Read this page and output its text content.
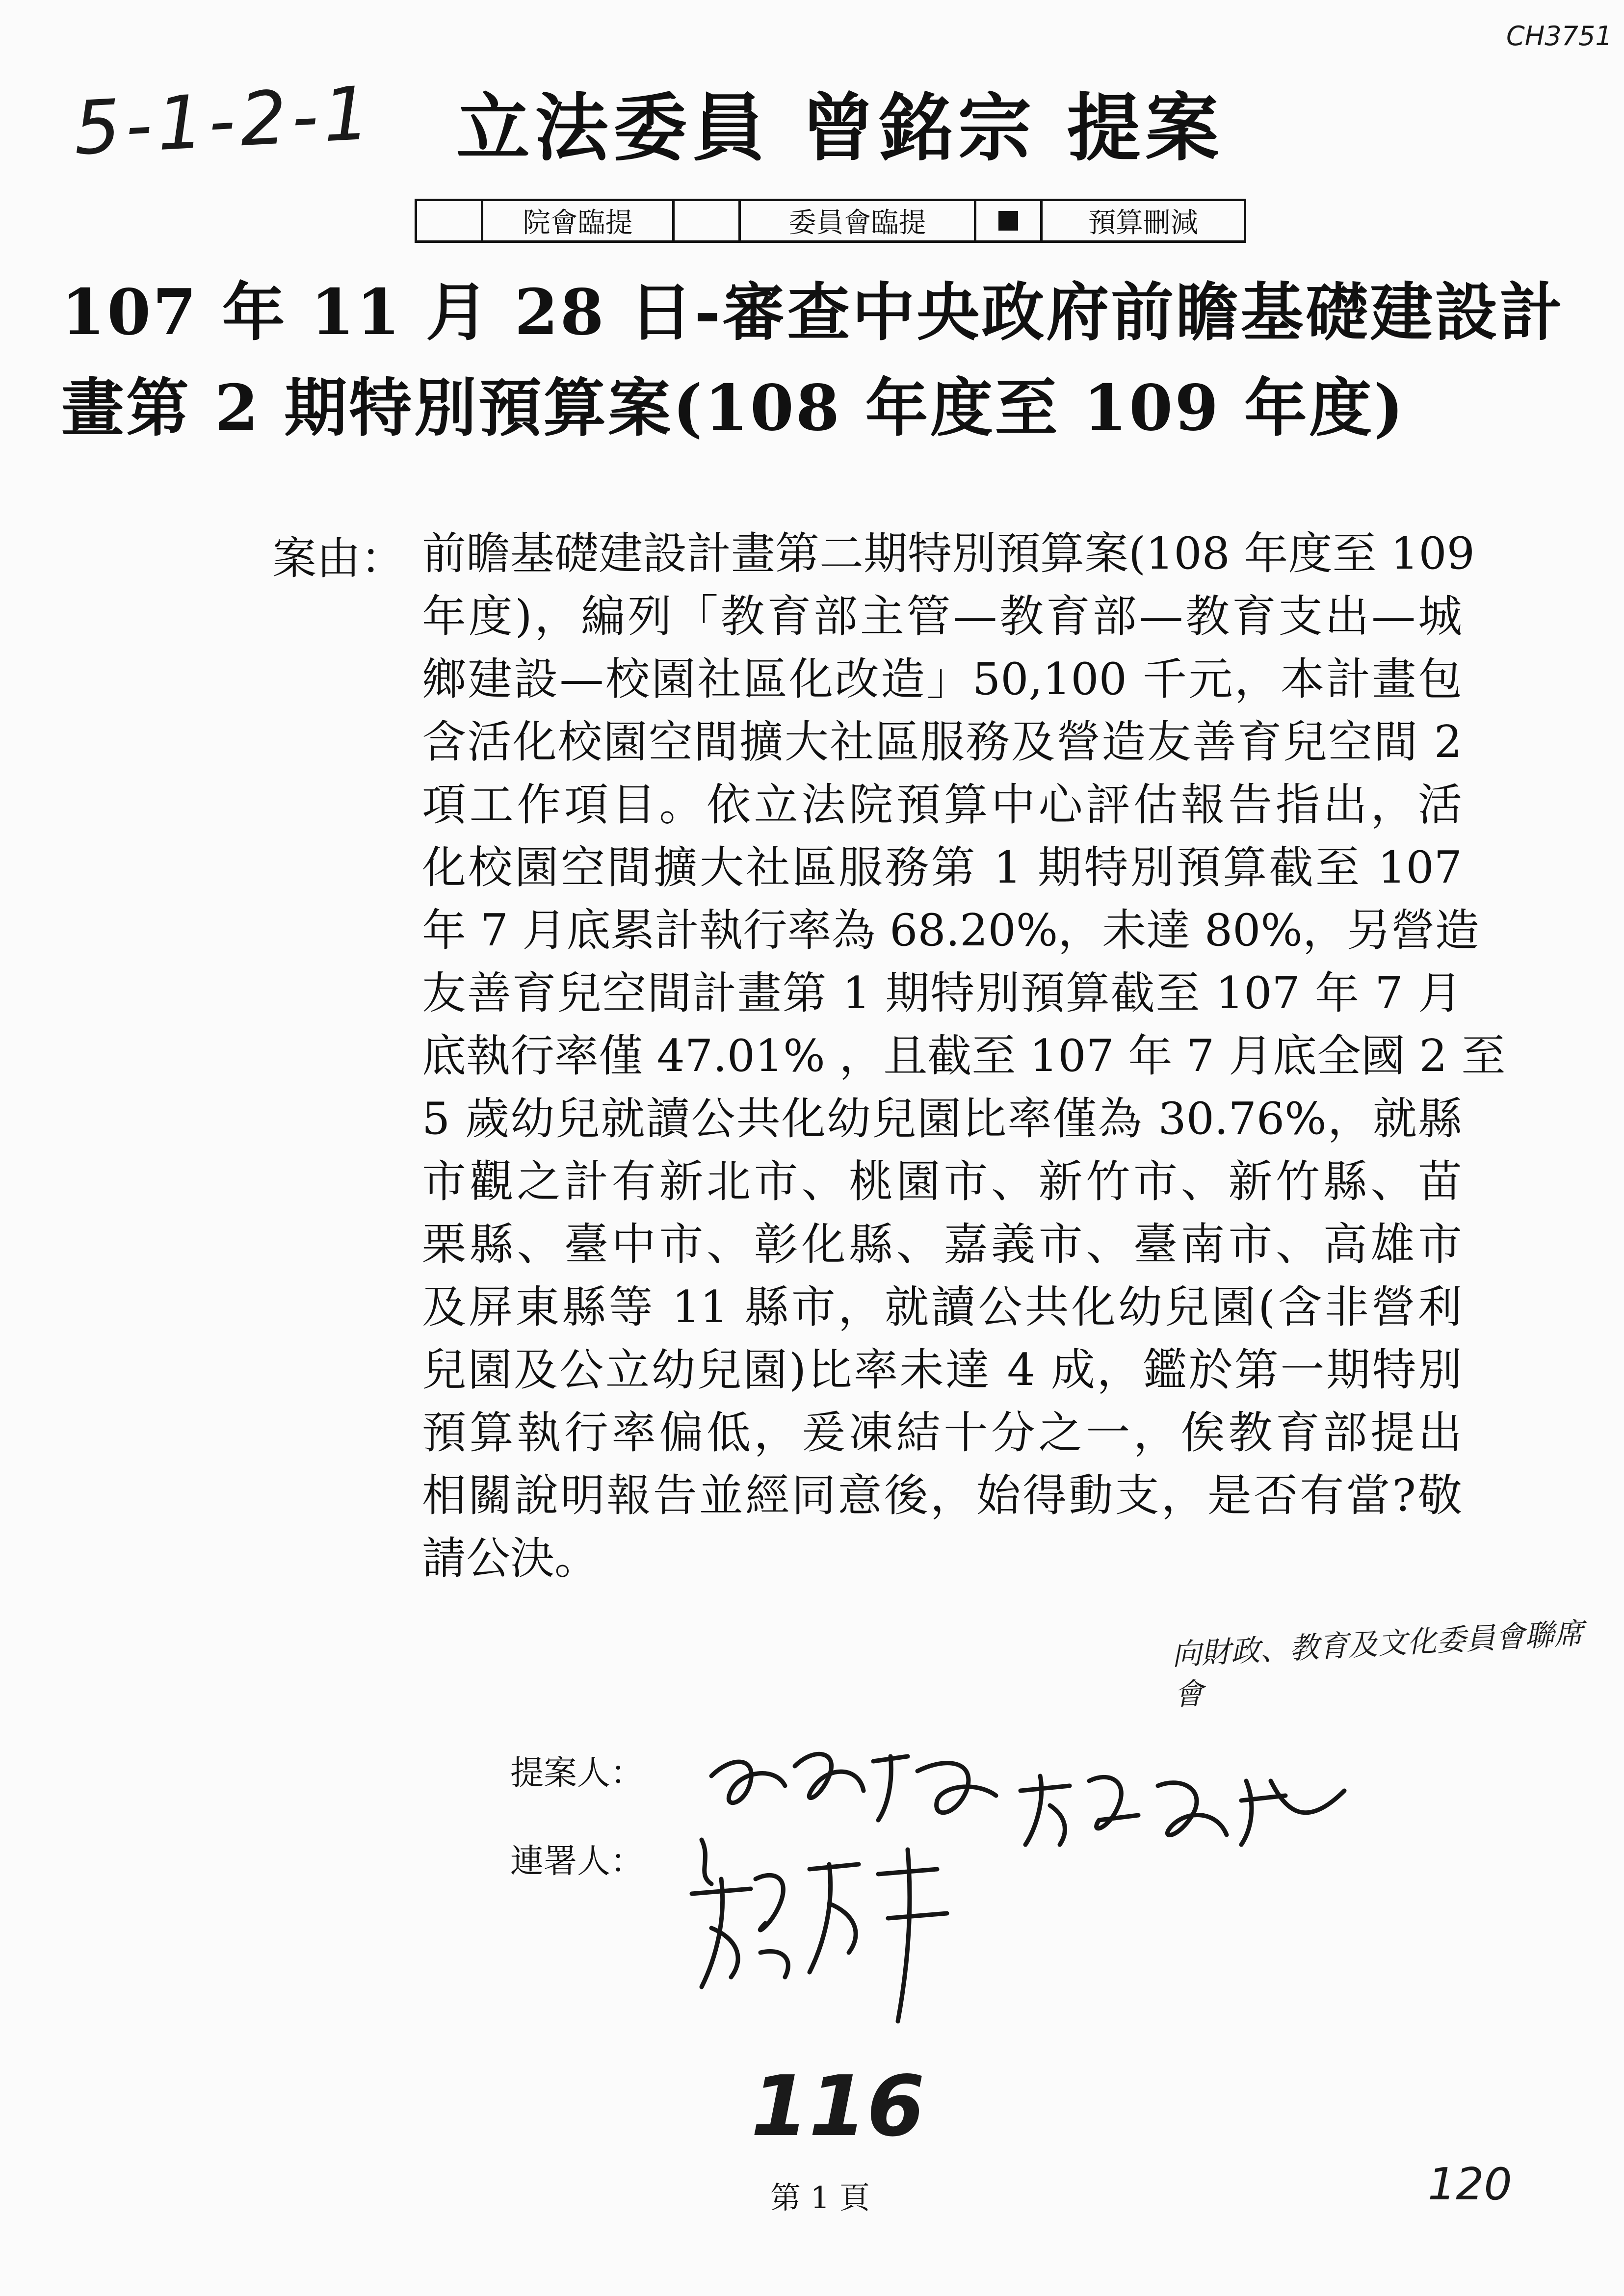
CH3751
5-1-2-1 立法委員 曾銘宗 提案
院會臨提	委員會臨提	預算刪減
107 年 11 月 28 日-審查中央政府前瞻基礎建設計畫第 2 期特別預算案(108 年度至 109 年度)
案由： 前瞻基礎建設計畫第二期特別預算案(108 年度至 109
年度)，編列「教育部主管—教育部—教育支出—城
鄉建設—校園社區化改造」50,100 千元，本計畫包
含活化校園空間擴大社區服務及營造友善育兒空間 2
項工作項目。依立法院預算中心評估報告指出，活
化校園空間擴大社區服務第 1 期特別預算截至 107
年 7 月底累計執行率為 68.20%，未達 80%，另營造
友善育兒空間計畫第 1 期特別預算截至 107 年 7 月
底執行率僅 47.01% ，且截至 107 年 7 月底全國 2 至
5 歲幼兒就讀公共化幼兒園比率僅為 30.76%，就縣
市觀之計有新北市、桃園市、新竹市、新竹縣、苗
栗縣、臺中市、彰化縣、嘉義市、臺南市、高雄市
及屏東縣等 11 縣市，就讀公共化幼兒園(含非營利
兒園及公立幼兒園)比率未達 4 成，鑑於第一期特別
預算執行率偏低，爰凍結十分之一，俟教育部提出
相關說明報告並經同意後，始得動支，是否有當?敬
請公決。
向財政、教育及文化委員會聯席會
提案人：
連署人：
116
第 1 頁	120
